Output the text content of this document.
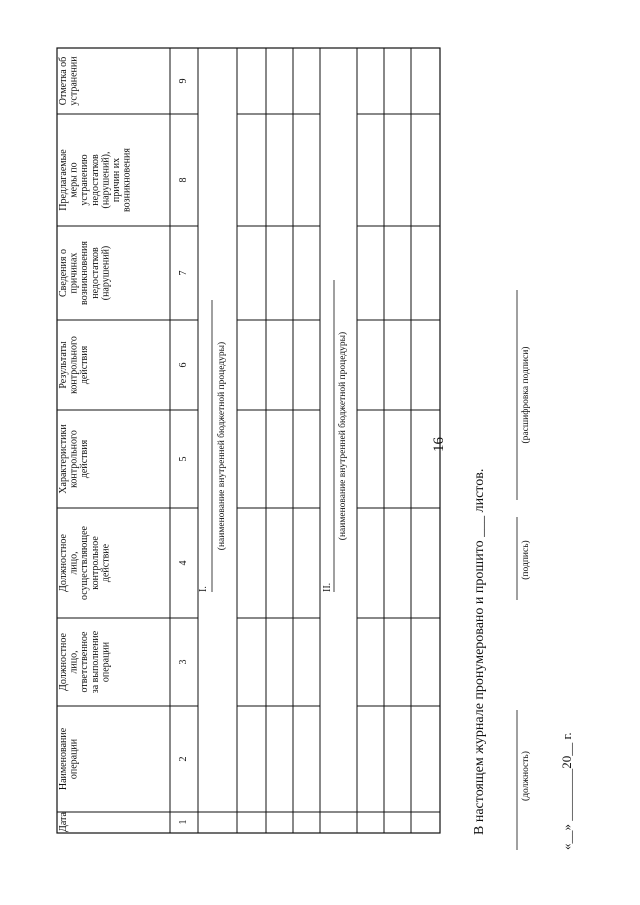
16
Дата
Наименование операции
Должностное лицо, ответственное за выполнение операции
Должностное лицо, осуществляющее контрольное действие
Характеристики контрольного действия
Результаты контрольного действия
Сведения о причинах возникновения недостатков (нарушений)
Предлагаемые меры по устранению недостатков (нарушений), причин их возникновения
Отметка об устранении
1
2
3
4
5
6
7
8
9
I.
(наименование внутренней бюджетной процедуры)
II.
(наименование внутренней бюджетной процедуры)
В настоящем журнале пронумеровано и прошито ___ листов.	(должность)
(подпись)
(расшифровка подписи)
«__» ________20__ г.
